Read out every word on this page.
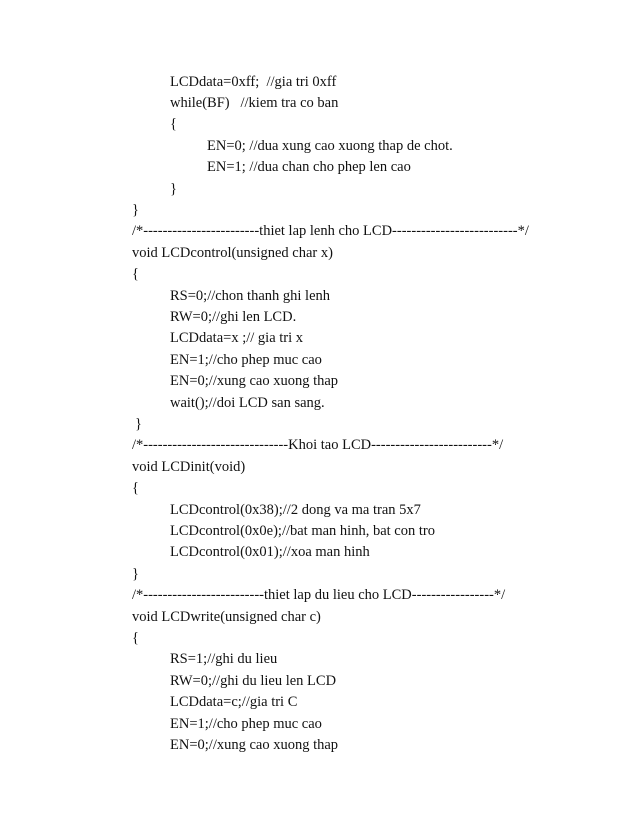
LCDdata=0xff;  //gia tri 0xff
while(BF)   //kiem tra co ban
{
EN=0; //dua xung cao xuong thap de chot.
EN=1; //dua chan cho phep len cao
}
}
/*------------------------thiet lap lenh cho LCD--------------------------*/
void LCDcontrol(unsigned char x)
{
RS=0;//chon thanh ghi lenh
RW=0;//ghi len LCD.
LCDdata=x ;// gia tri x
EN=1;//cho phep muc cao
EN=0;//xung cao xuong thap
wait();//doi LCD san sang.
}
/*------------------------------Khoi tao LCD-------------------------*/
void LCDinit(void)
{
LCDcontrol(0x38);//2 dong va ma tran 5x7
LCDcontrol(0x0e);//bat man hinh, bat con tro
LCDcontrol(0x01);//xoa man hinh
}
/*-------------------------thiet lap du lieu cho LCD-----------------*/
void LCDwrite(unsigned char c)
{
RS=1;//ghi du lieu
RW=0;//ghi du lieu len LCD
LCDdata=c;//gia tri C
EN=1;//cho phep muc cao
EN=0;//xung cao xuong thap
